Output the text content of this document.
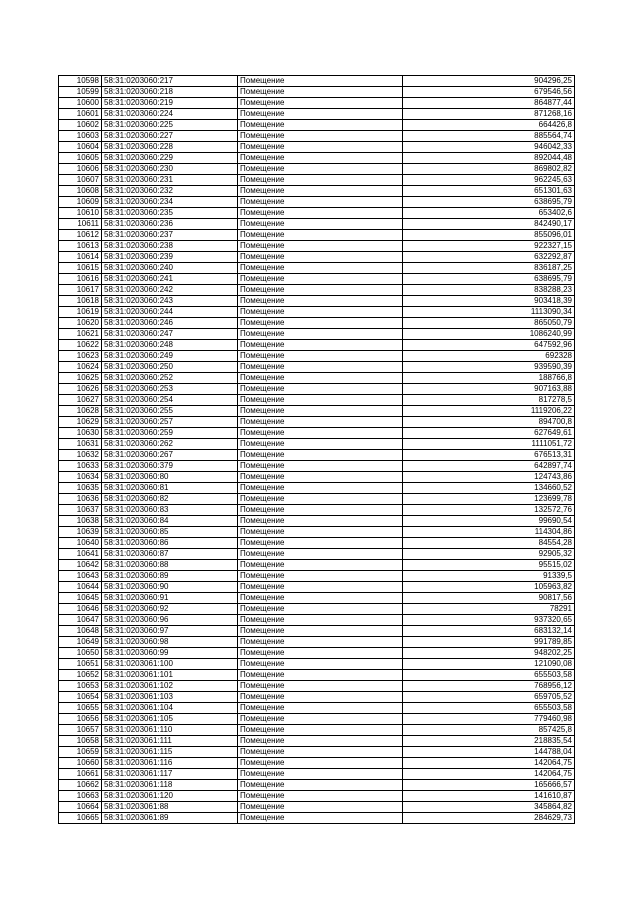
10598	58:31:0203060:217	Помещение	904296,25
10599	58:31:0203060:218	Помещение	679546,56
10600	58:31:0203060:219	Помещение	864877,44
10601	58:31:0203060:224	Помещение	871268,16
10602	58:31:0203060:225	Помещение	664426,8
10603	58:31:0203060:227	Помещение	885564,74
10604	58:31:0203060:228	Помещение	946042,33
10605	58:31:0203060:229	Помещение	892044,48
10606	58:31:0203060:230	Помещение	869802,82
10607	58:31:0203060:231	Помещение	962245,63
10608	58:31:0203060:232	Помещение	651301,63
10609	58:31:0203060:234	Помещение	638695,79
10610	58:31:0203060:235	Помещение	653402,6
10611	58:31:0203060:236	Помещение	842490,17
10612	58:31:0203060:237	Помещение	855096,01
10613	58:31:0203060:238	Помещение	922327,15
10614	58:31:0203060:239	Помещение	632292,87
10615	58:31:0203060:240	Помещение	836187,25
10616	58:31:0203060:241	Помещение	638695,79
10617	58:31:0203060:242	Помещение	838288,23
10618	58:31:0203060:243	Помещение	903418,39
10619	58:31:0203060:244	Помещение	1113090,34
10620	58:31:0203060:246	Помещение	865050,79
10621	58:31:0203060:247	Помещение	1086240,99
10622	58:31:0203060:248	Помещение	647592,96
10623	58:31:0203060:249	Помещение	692328
10624	58:31:0203060:250	Помещение	939590,39
10625	58:31:0203060:252	Помещение	188766,8
10626	58:31:0203060:253	Помещение	907163,88
10627	58:31:0203060:254	Помещение	817278,5
10628	58:31:0203060:255	Помещение	1119206,22
10629	58:31:0203060:257	Помещение	894700,8
10630	58:31:0203060:259	Помещение	627649,61
10631	58:31:0203060:262	Помещение	1111051,72
10632	58:31:0203060:267	Помещение	676513,31
10633	58:31:0203060:379	Помещение	642897,74
10634	58:31:0203060:80	Помещение	124743,86
10635	58:31:0203060:81	Помещение	134660,52
10636	58:31:0203060:82	Помещение	123699,78
10637	58:31:0203060:83	Помещение	132572,76
10638	58:31:0203060:84	Помещение	99690,54
10639	58:31:0203060:85	Помещение	114304,86
10640	58:31:0203060:86	Помещение	84554,28
10641	58:31:0203060:87	Помещение	92905,32
10642	58:31:0203060:88	Помещение	95515,02
10643	58:31:0203060:89	Помещение	91339,5
10644	58:31:0203060:90	Помещение	105963,82
10645	58:31:0203060:91	Помещение	90817,56
10646	58:31:0203060:92	Помещение	78291
10647	58:31:0203060:96	Помещение	937320,65
10648	58:31:0203060:97	Помещение	683132,14
10649	58:31:0203060:98	Помещение	991789,85
10650	58:31:0203060:99	Помещение	948202,25
10651	58:31:0203061:100	Помещение	121090,08
10652	58:31:0203061:101	Помещение	655503,58
10653	58:31:0203061:102	Помещение	768956,12
10654	58:31:0203061:103	Помещение	659705,52
10655	58:31:0203061:104	Помещение	655503,58
10656	58:31:0203061:105	Помещение	779460,98
10657	58:31:0203061:110	Помещение	857425,8
10658	58:31:0203061:111	Помещение	218835,54
10659	58:31:0203061:115	Помещение	144788,04
10660	58:31:0203061:116	Помещение	142064,75
10661	58:31:0203061:117	Помещение	142064,75
10662	58:31:0203061:118	Помещение	165666,57
10663	58:31:0203061:120	Помещение	141610,87
10664	58:31:0203061:88	Помещение	345864,82
10665	58:31:0203061:89	Помещение	284629,73
